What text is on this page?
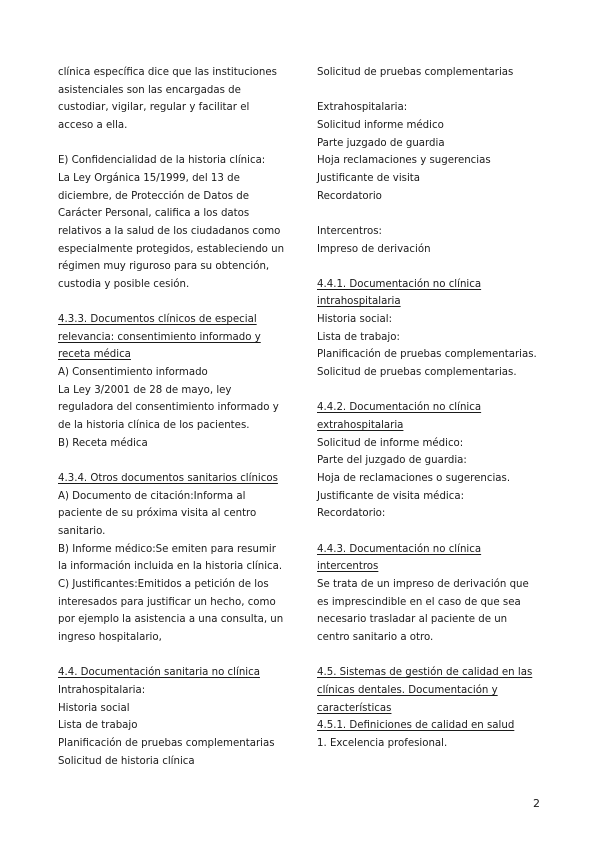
clínica específica dice que las instituciones
asistenciales son las encargadas de
custodiar, vigilar, regular y facilitar el
acceso a ella.
E) Confidencialidad de la historia clínica:
La Ley Orgánica 15/1999, del 13 de
diciembre, de Protección de Datos de
Carácter Personal, califica a los datos
relativos a la salud de los ciudadanos como
especialmente protegidos, estableciendo un
régimen muy riguroso para su obtención,
custodia y posible cesión.
4.3.3. Documentos clínicos de especial
relevancia: consentimiento informado y
receta médica
A) Consentimiento informado
La Ley 3/2001 de 28 de mayo, ley
reguladora del consentimiento informado y
de la historia clínica de los pacientes.
B) Receta médica
4.3.4. Otros documentos sanitarios clínicos
A) Documento de citación:Informa al
paciente de su próxima visita al centro
sanitario.
B) Informe médico:Se emiten para resumir
la información incluida en la historia clínica.
C) Justificantes:Emitidos a petición de los
interesados para justificar un hecho, como
por ejemplo la asistencia a una consulta, un
ingreso hospitalario,
4.4. Documentación sanitaria no clínica
Intrahospitalaria:
Historia social
Lista de trabajo
Planificación de pruebas complementarias
Solicitud de historia clínica
Solicitud de pruebas complementarias
Extrahospitalaria:
Solicitud informe médico
Parte juzgado de guardia
Hoja reclamaciones y sugerencias
Justificante de visita
Recordatorio
Intercentros:
Impreso de derivación
4.4.1. Documentación no clínica
intrahospitalaria
Historia social:
Lista de trabajo:
Planificación de pruebas complementarias.
Solicitud de pruebas complementarias.
4.4.2. Documentación no clínica
extrahospitalaria
Solicitud de informe médico:
Parte del juzgado de guardia:
Hoja de reclamaciones o sugerencias.
Justificante de visita médica:
Recordatorio:
4.4.3. Documentación no clínica
intercentros
Se trata de un impreso de derivación que
es imprescindible en el caso de que sea
necesario trasladar al paciente de un
centro sanitario a otro.
4.5. Sistemas de gestión de calidad en las
clínicas dentales. Documentación y
características
4.5.1. Definiciones de calidad en salud
1. Excelencia profesional.
2
